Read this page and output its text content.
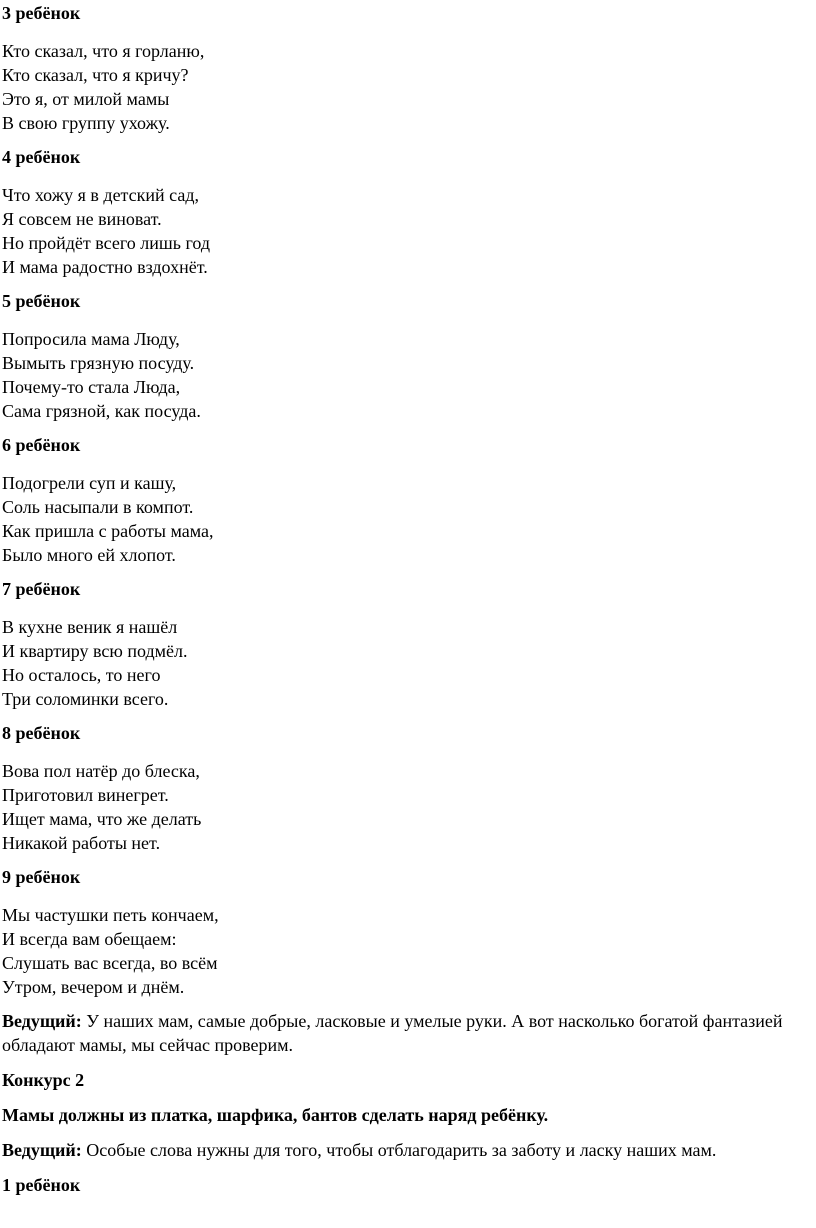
3 ребёнок

Кто сказал, что я горланю,
Кто сказал, что я кричу?
Это я, от милой мамы
В свою группу ухожу.

4 ребёнок

Что хожу я в детский сад,
Я совсем не виноват.
Но пройдёт всего лишь год
И мама радостно вздохнёт.

5 ребёнок

Попросила мама Люду,
Вымыть грязную посуду.
Почему-то стала Люда,
Сама грязной, как посуда.

6 ребёнок

Подогрели суп и кашу,
Соль насыпали в компот.
Как пришла с работы мама,
Было много ей хлопот.

7 ребёнок

В кухне веник я нашёл
И квартиру всю подмёл.
Но осталось, то него
Три соломинки всего.

8 ребёнок

Вова пол натёр до блеска,
Приготовил винегрет.
Ищет мама, что же делать
Никакой работы нет.

9 ребёнок

Мы частушки петь кончаем,
И всегда вам обещаем:
Слушать вас всегда, во всём
Утром, вечером и днём.

Ведущий: У наших мам, самые добрые, ласковые и умелые руки. А вот насколько богатой фантазией обладают мамы, мы сейчас проверим.

Конкурс 2

Мамы должны из платка, шарфика, бантов сделать наряд ребёнку.

Ведущий: Особые слова нужны для того, чтобы отблагодарить за заботу и ласку наших мам.

1 ребёнок
